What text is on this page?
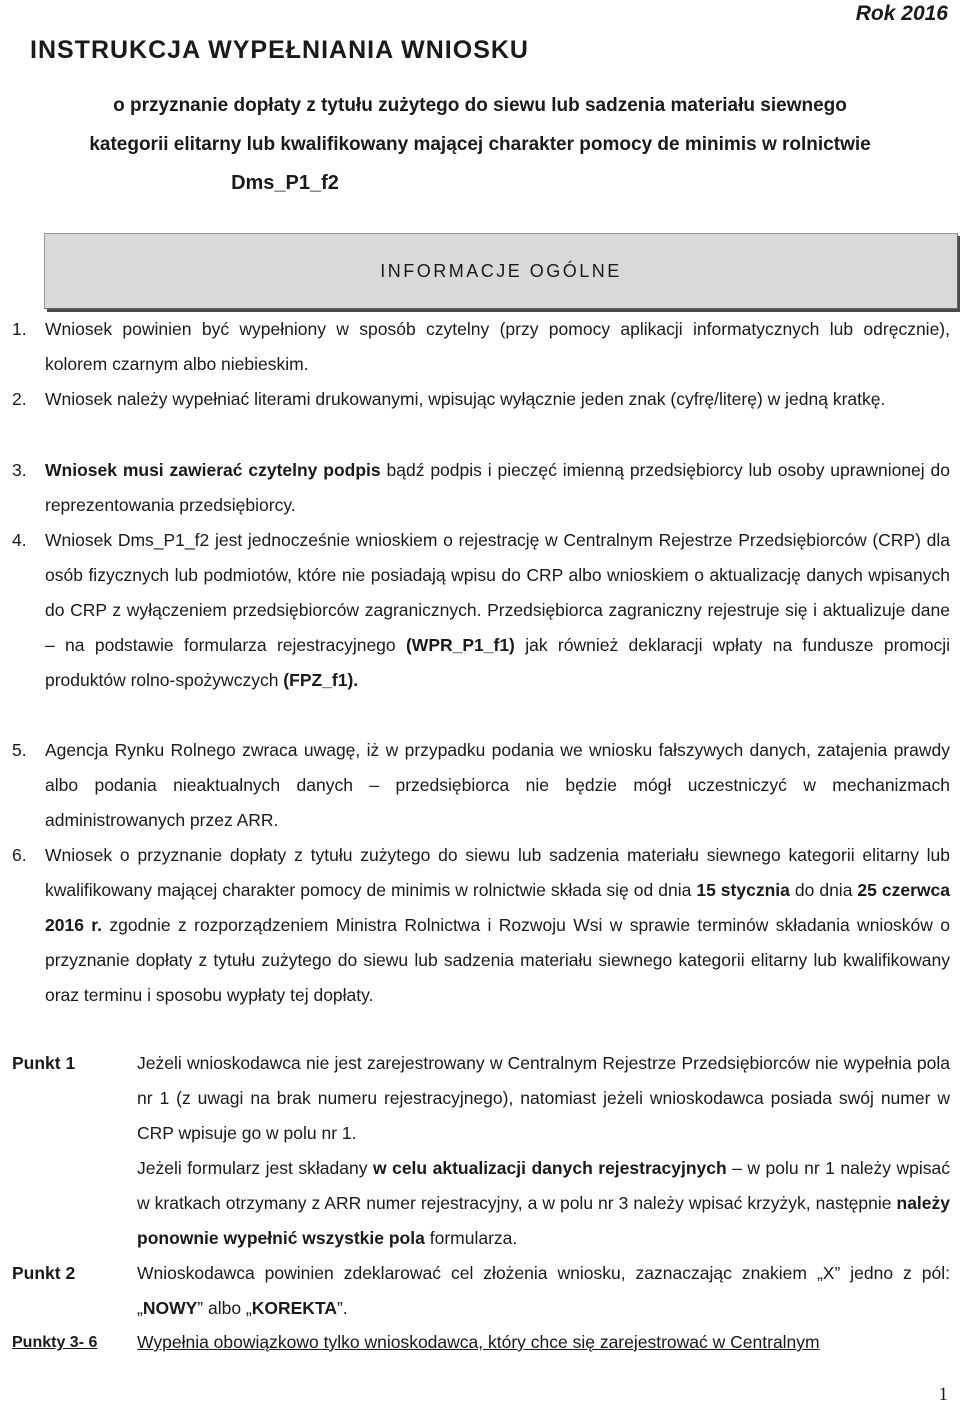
Rok 2016
INSTRUKCJA WYPEŁNIANIA WNIOSKU
o przyznanie dopłaty z tytułu zużytego do siewu lub sadzenia materiału siewnego
kategorii elitarny lub kwalifikowany mającej charakter pomocy de minimis w rolnictwie
Dms_P1_f2
INFORMACJE OGÓLNE
1. Wniosek powinien być wypełniony w sposób czytelny (przy pomocy aplikacji informatycznych lub odręcznie), kolorem czarnym albo niebieskim.
2. Wniosek należy wypełniać literami drukowanymi, wpisując wyłącznie jeden znak (cyfrę/literę) w jedną kratkę.
3. Wniosek musi zawierać czytelny podpis bądź podpis i pieczęć imienną przedsiębiorcy lub osoby uprawnionej do reprezentowania przedsiębiorcy.
4. Wniosek Dms_P1_f2 jest jednocześnie wnioskiem o rejestrację w Centralnym Rejestrze Przedsiębiorców (CRP) dla osób fizycznych lub podmiotów, które nie posiadają wpisu do CRP albo wnioskiem o aktualizację danych wpisanych do CRP z wyłączeniem przedsiębiorców zagranicznych. Przedsiębiorca zagraniczny rejestruje się i aktualizuje dane – na podstawie formularza rejestracyjnego (WPR_P1_f1) jak również deklaracji wpłaty na fundusze promocji produktów rolno-spożywczych (FPZ_f1).
5. Agencja Rynku Rolnego zwraca uwagę, iż w przypadku podania we wniosku fałszywych danych, zatajenia prawdy albo podania nieaktualnych danych – przedsiębiorca nie będzie mógł uczestniczyć w mechanizmach administrowanych przez ARR.
6. Wniosek o przyznanie dopłaty z tytułu zużytego do siewu lub sadzenia materiału siewnego kategorii elitarny lub kwalifikowany mającej charakter pomocy de minimis w rolnictwie składa się od dnia 15 stycznia do dnia 25 czerwca 2016 r. zgodnie z rozporządzeniem Ministra Rolnictwa i Rozwoju Wsi w sprawie terminów składania wniosków o przyznanie dopłaty z tytułu zużytego do siewu lub sadzenia materiału siewnego kategorii elitarny lub kwalifikowany oraz terminu i sposobu wypłaty tej dopłaty.
Punkt 1	Jeżeli wnioskodawca nie jest zarejestrowany w Centralnym Rejestrze Przedsiębiorców nie wypełnia pola nr 1 (z uwagi na brak numeru rejestracyjnego), natomiast jeżeli wnioskodawca posiada swój numer w CRP wpisuje go w polu nr 1.

Jeżeli formularz jest składany w celu aktualizacji danych rejestracyjnych – w polu nr 1 należy wpisać w kratkach otrzymany z ARR numer rejestracyjny, a w polu nr 3 należy wpisać krzyżyk, następnie należy ponownie wypełnić wszystkie pola formularza.

Punkt 2	Wnioskodawca powinien zdeklarować cel złożenia wniosku, zaznaczając znakiem „X” jedno z pól: „NOWY” albo „KOREKTA”.
Punkty 3- 6 Wypełnia obowiązkowo tylko wnioskodawca, który chce się zarejestrować w Centralnym
1
